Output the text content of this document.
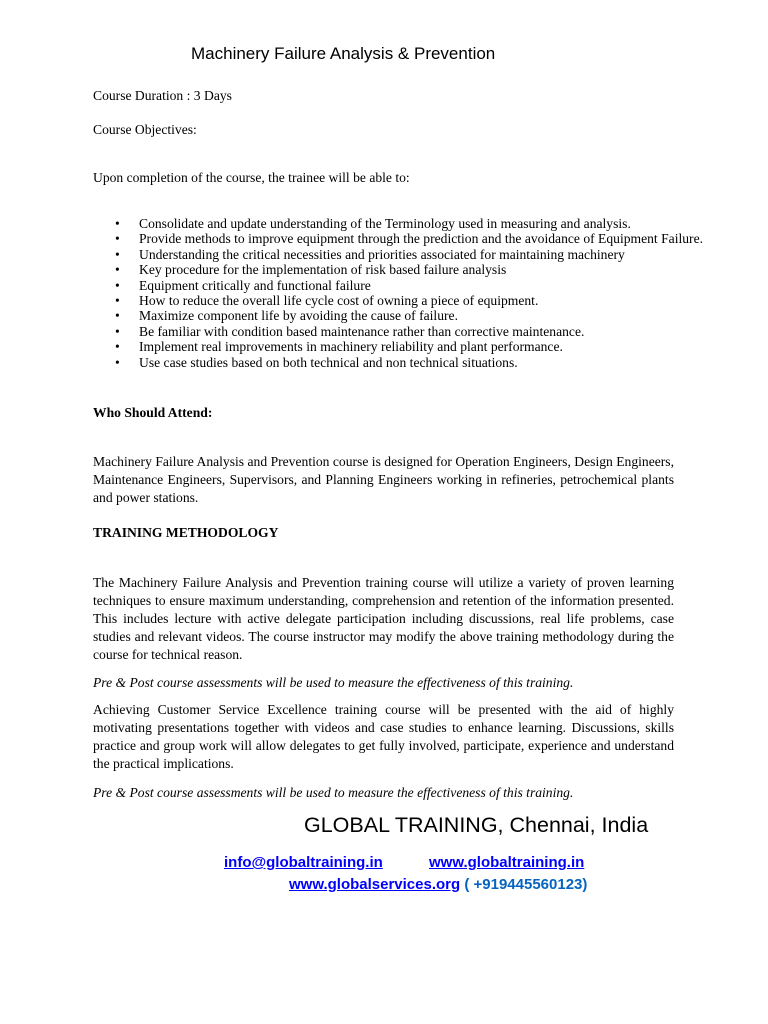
Machinery Failure Analysis & Prevention

Course Duration : 3 Days

Course Objectives:

Upon completion of the course, the trainee will be able to:

• Consolidate and update understanding of the Terminology used in measuring and analysis.
• Provide methods to improve equipment through the prediction and the avoidance of Equipment Failure.
• Understanding the critical necessities and priorities associated for maintaining machinery
• Key procedure for the implementation of risk based failure analysis
• Equipment critically and functional failure
• How to reduce the overall life cycle cost of owning a piece of equipment.
• Maximize component life by avoiding the cause of failure.
• Be familiar with condition based maintenance rather than corrective maintenance.
• Implement real improvements in machinery reliability and plant performance.
• Use case studies based on both technical and non technical situations.

Who Should Attend:

Machinery Failure Analysis and Prevention course is designed for Operation Engineers, Design Engineers, Maintenance Engineers, Supervisors, and Planning Engineers working in refineries, petrochemical plants and power stations.

TRAINING METHODOLOGY

The Machinery Failure Analysis and Prevention training course will utilize a variety of proven learning techniques to ensure maximum understanding, comprehension and retention of the information presented. This includes lecture with active delegate participation including discussions, real life problems, case studies and relevant videos. The course instructor may modify the above training methodology during the course for technical reason.

Pre & Post course assessments will be used to measure the effectiveness of this training.

Achieving Customer Service Excellence training course will be presented with the aid of highly motivating presentations together with videos and case studies to enhance learning. Discussions, skills practice and group work will allow delegates to get fully involved, participate, experience and understand the practical implications.

Pre & Post course assessments will be used to measure the effectiveness of this training.

GLOBAL TRAINING, Chennai, India

info@globaltraining.in	www.globaltraining.in
www.globalservices.org ( +919445560123)
